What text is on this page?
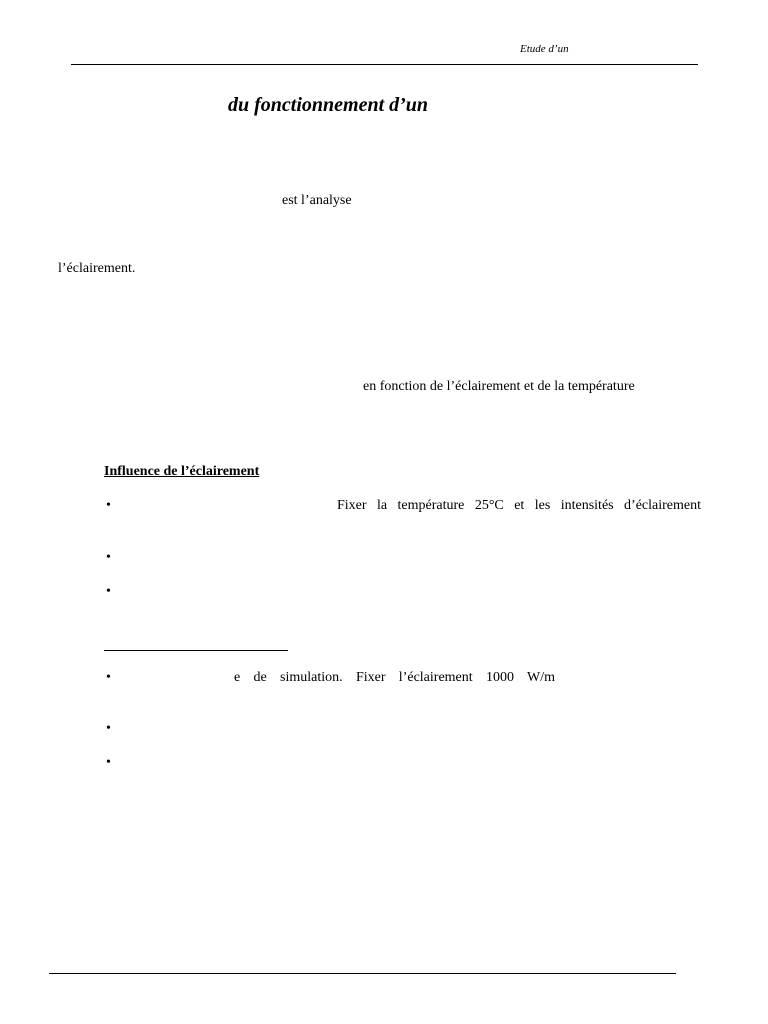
Etude d’un
du fonctionnement d’un
est l’analyse
l’éclairement.
en fonction de l’éclairement et de la température
Influence de l’éclairement
•	Fixer la température 25°C et les intensités d’éclairement
•
•
•	e de simulation. Fixer l’éclairement 1000 W/m
•
•
